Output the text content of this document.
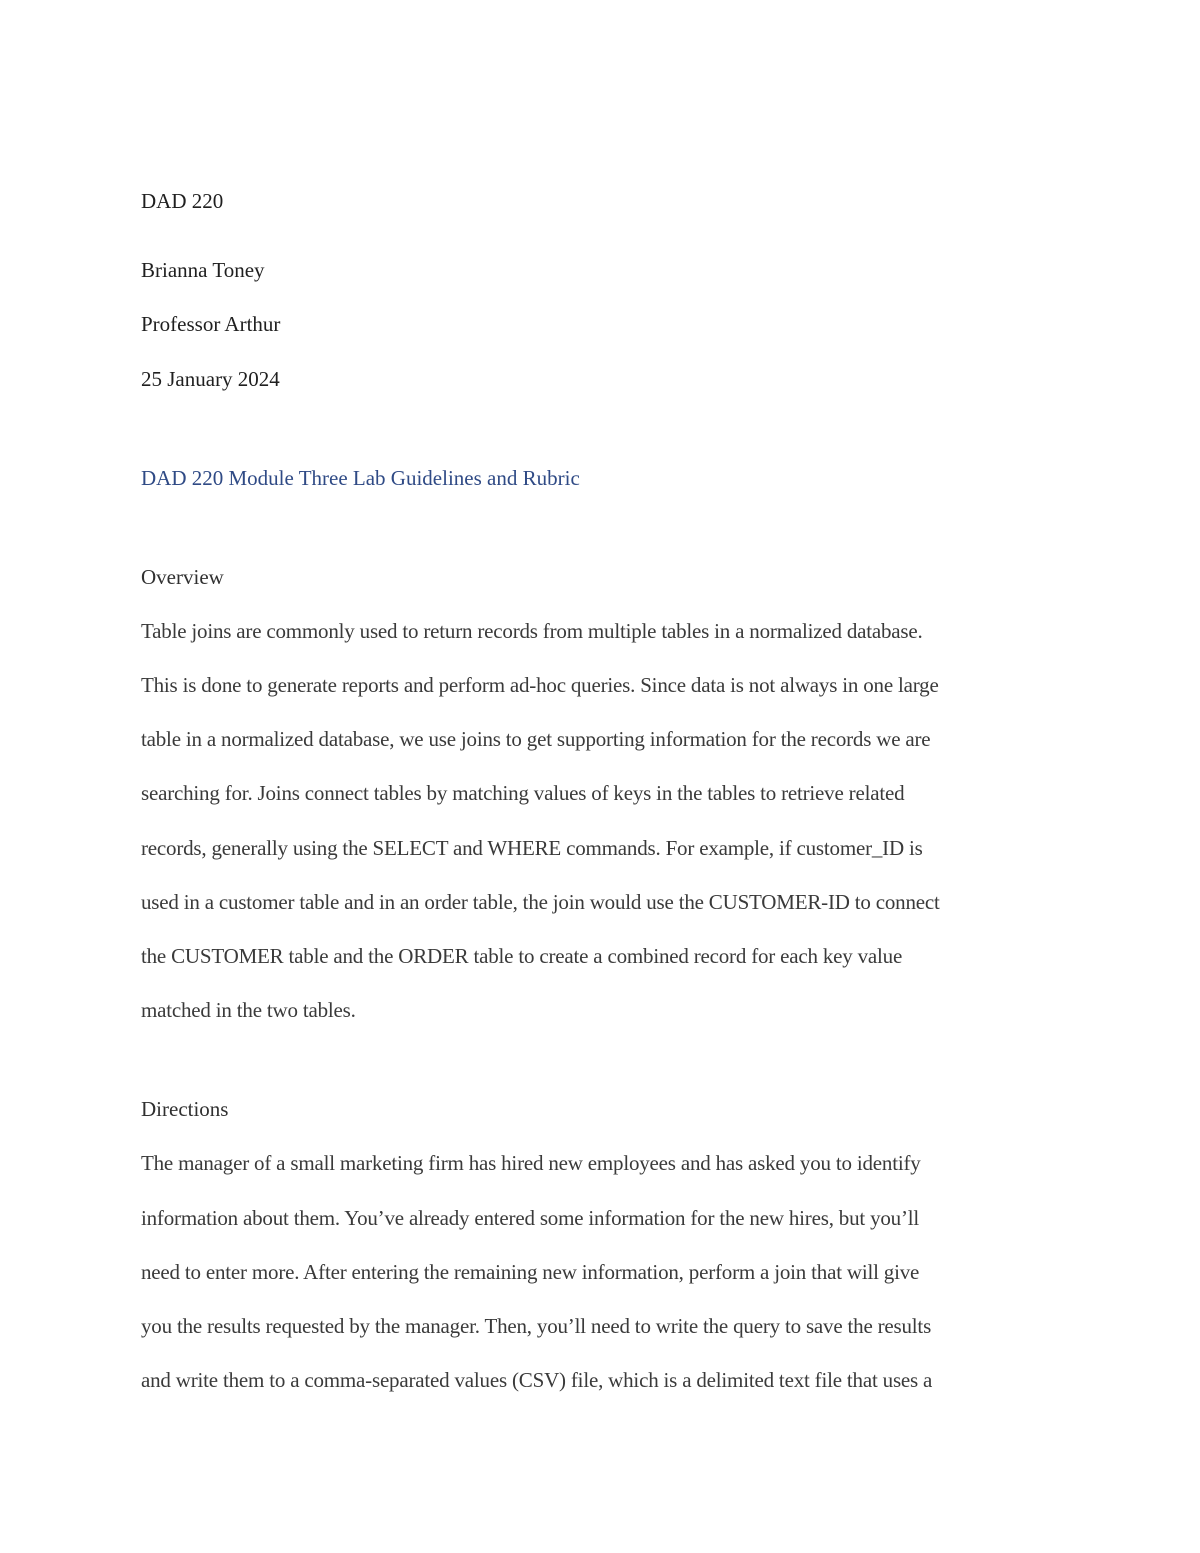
DAD 220
Brianna Toney
Professor Arthur
25 January 2024
DAD 220 Module Three Lab Guidelines and Rubric
Overview
Table joins are commonly used to return records from multiple tables in a normalized database.
This is done to generate reports and perform ad-hoc queries. Since data is not always in one large
table in a normalized database, we use joins to get supporting information for the records we are
searching for. Joins connect tables by matching values of keys in the tables to retrieve related
records, generally using the SELECT and WHERE commands. For example, if customer_ID is
used in a customer table and in an order table, the join would use the CUSTOMER-ID to connect
the CUSTOMER table and the ORDER table to create a combined record for each key value
matched in the two tables.
Directions
The manager of a small marketing firm has hired new employees and has asked you to identify
information about them. You’ve already entered some information for the new hires, but you’ll
need to enter more. After entering the remaining new information, perform a join that will give
you the results requested by the manager. Then, you’ll need to write the query to save the results
and write them to a comma-separated values (CSV) file, which is a delimited text file that uses a
